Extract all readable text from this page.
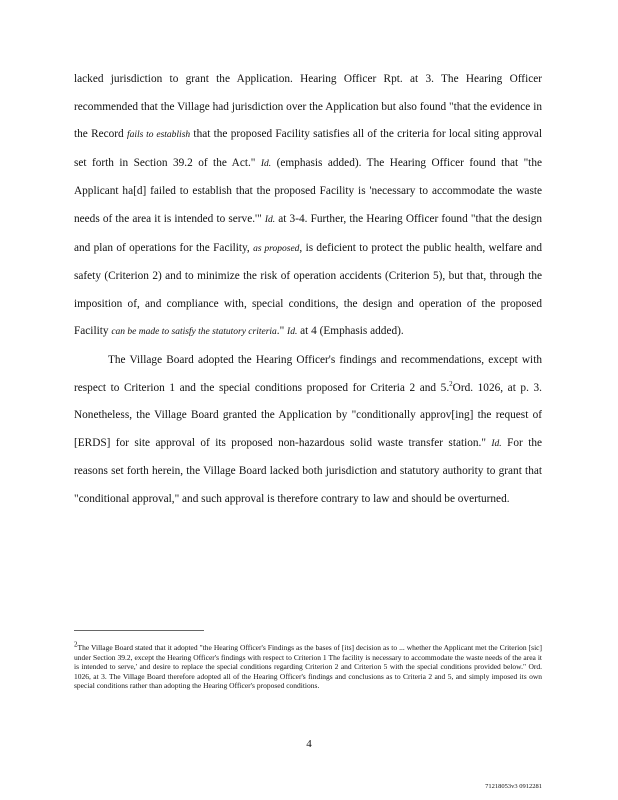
lacked jurisdiction to grant the Application. Hearing Officer Rpt. at 3. The Hearing Officer recommended that the Village had jurisdiction over the Application but also found "that the evidence in the Record fails to establish that the proposed Facility satisfies all of the criteria for local siting approval set forth in Section 39.2 of the Act." Id. (emphasis added). The Hearing Officer found that "the Applicant ha[d] failed to establish that the proposed Facility is 'necessary to accommodate the waste needs of the area it is intended to serve.'" Id. at 3-4. Further, the Hearing Officer found "that the design and plan of operations for the Facility, as proposed, is deficient to protect the public health, welfare and safety (Criterion 2) and to minimize the risk of operation accidents (Criterion 5), but that, through the imposition of, and compliance with, special conditions, the design and operation of the proposed Facility can be made to satisfy the statutory criteria." Id. at 4 (Emphasis added).

The Village Board adopted the Hearing Officer's findings and recommendations, except with respect to Criterion 1 and the special conditions proposed for Criteria 2 and 5.$^2$Ord. 1026, at p. 3. Nonetheless, the Village Board granted the Application by "conditionally approv[ing] the request of [ERDS] for site approval of its proposed non-hazardous solid waste transfer station." Id. For the reasons set forth herein, the Village Board lacked both jurisdiction and statutory authority to grant that "conditional approval," and such approval is therefore contrary to law and should be overturned.

$^2$The Village Board stated that it adopted "the Hearing Officer's Findings as the bases of [its] decision as to ... whether the Applicant met the Criterion [sic] under Section 39.2, except the Hearing Officer's findings with respect to Criterion 1 The facility is necessary to accommodate the waste needs of the area it is intended to serve,' and desire to replace the special conditions regarding Criterion 2 and Criterion 5 with the special conditions provided below." Ord. 1026, at 3. The Village Board therefore adopted all of the Hearing Officer's findings and conclusions as to Criteria 2 and 5, and simply imposed its own special conditions rather than adopting the Hearing Officer's proposed conditions.
4
71218053v3 0912281
